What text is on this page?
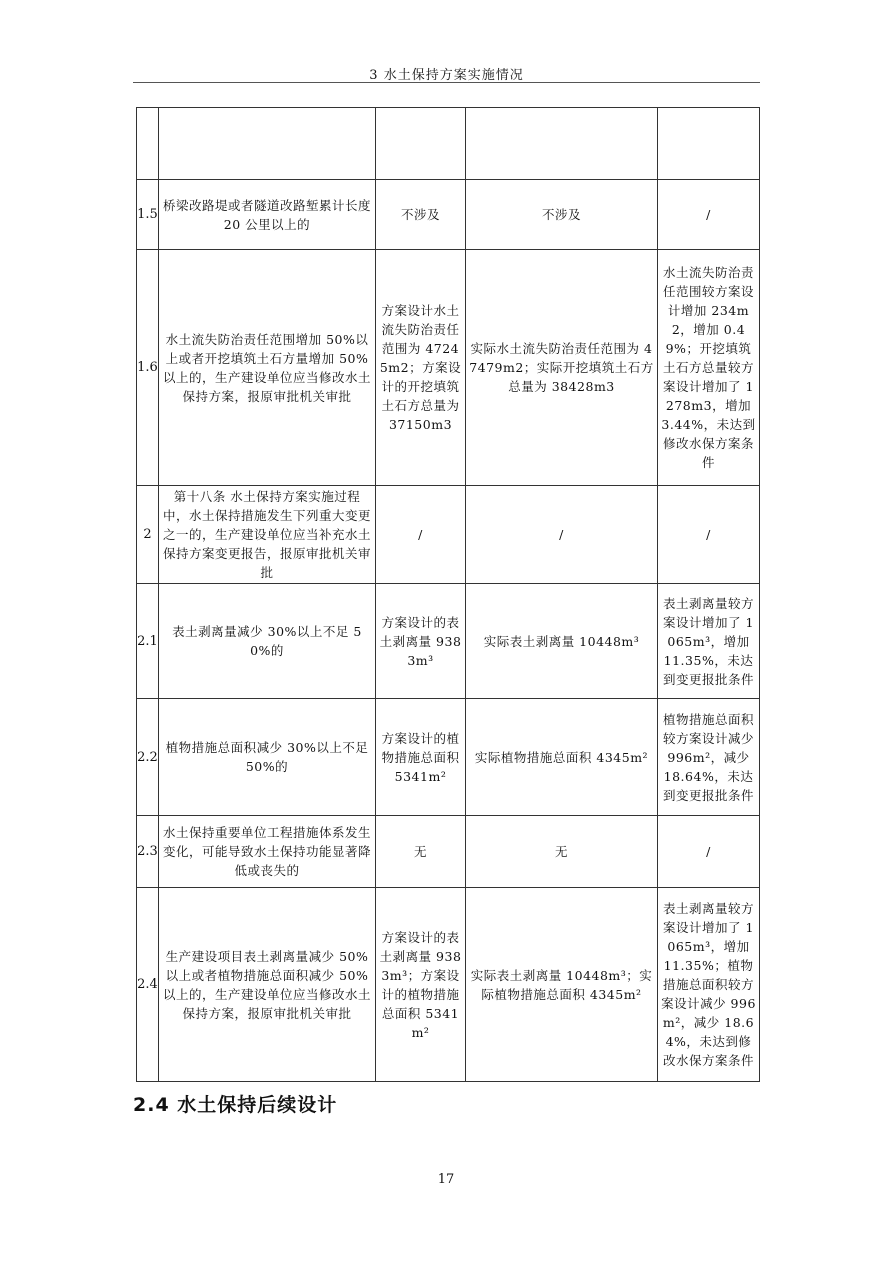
3 水土保持方案实施情况

1.5	桥梁改路堤或者隧道改路堑累计长度 20 公里以上的	不涉及	不涉及	/
1.6	水土流失防治责任范围增加 50%以上或者开挖填筑土石方量增加 50%以上的，生产建设单位应当修改水土保持方案，报原审批机关审批	方案设计水土流失防治责任范围为 47245m2；方案设计的开挖填筑土石方总量为 37150m3	实际水土流失防治责任范围为 47479m2；实际开挖填筑土石方总量为 38428m3	水土流失防治责任范围较方案设计增加 234m2，增加 0.49%；开挖填筑土石方总量较方案设计增加了 1278m3，增加 3.44%，未达到修改水保方案条件
2	第十八条 水土保持方案实施过程中，水土保持措施发生下列重大变更之一的，生产建设单位应当补充水土保持方案变更报告，报原审批机关审批	/	/	/
2.1	表土剥离量减少 30%以上不足 50%的	方案设计的表土剥离量 9383m³	实际表土剥离量 10448m³	表土剥离量较方案设计增加了 1065m³，增加 11.35%，未达到变更报批条件
2.2	植物措施总面积减少 30%以上不足 50%的	方案设计的植物措施总面积 5341m²	实际植物措施总面积 4345m²	植物措施总面积较方案设计减少 996m²，减少 18.64%，未达到变更报批条件
2.3	水土保持重要单位工程措施体系发生变化，可能导致水土保持功能显著降低或丧失的	无	无	/
2.4	生产建设项目表土剥离量减少 50%以上或者植物措施总面积减少 50%以上的，生产建设单位应当修改水土保持方案，报原审批机关审批	方案设计的表土剥离量 9383m³；方案设计的植物措施总面积 5341m²	实际表土剥离量 10448m³；实际植物措施总面积 4345m²	表土剥离量较方案设计增加了 1065m³，增加 11.35%；植物措施总面积较方案设计减少 996m²，减少 18.64%，未达到修改水保方案条件
2.4 水土保持后续设计
17
